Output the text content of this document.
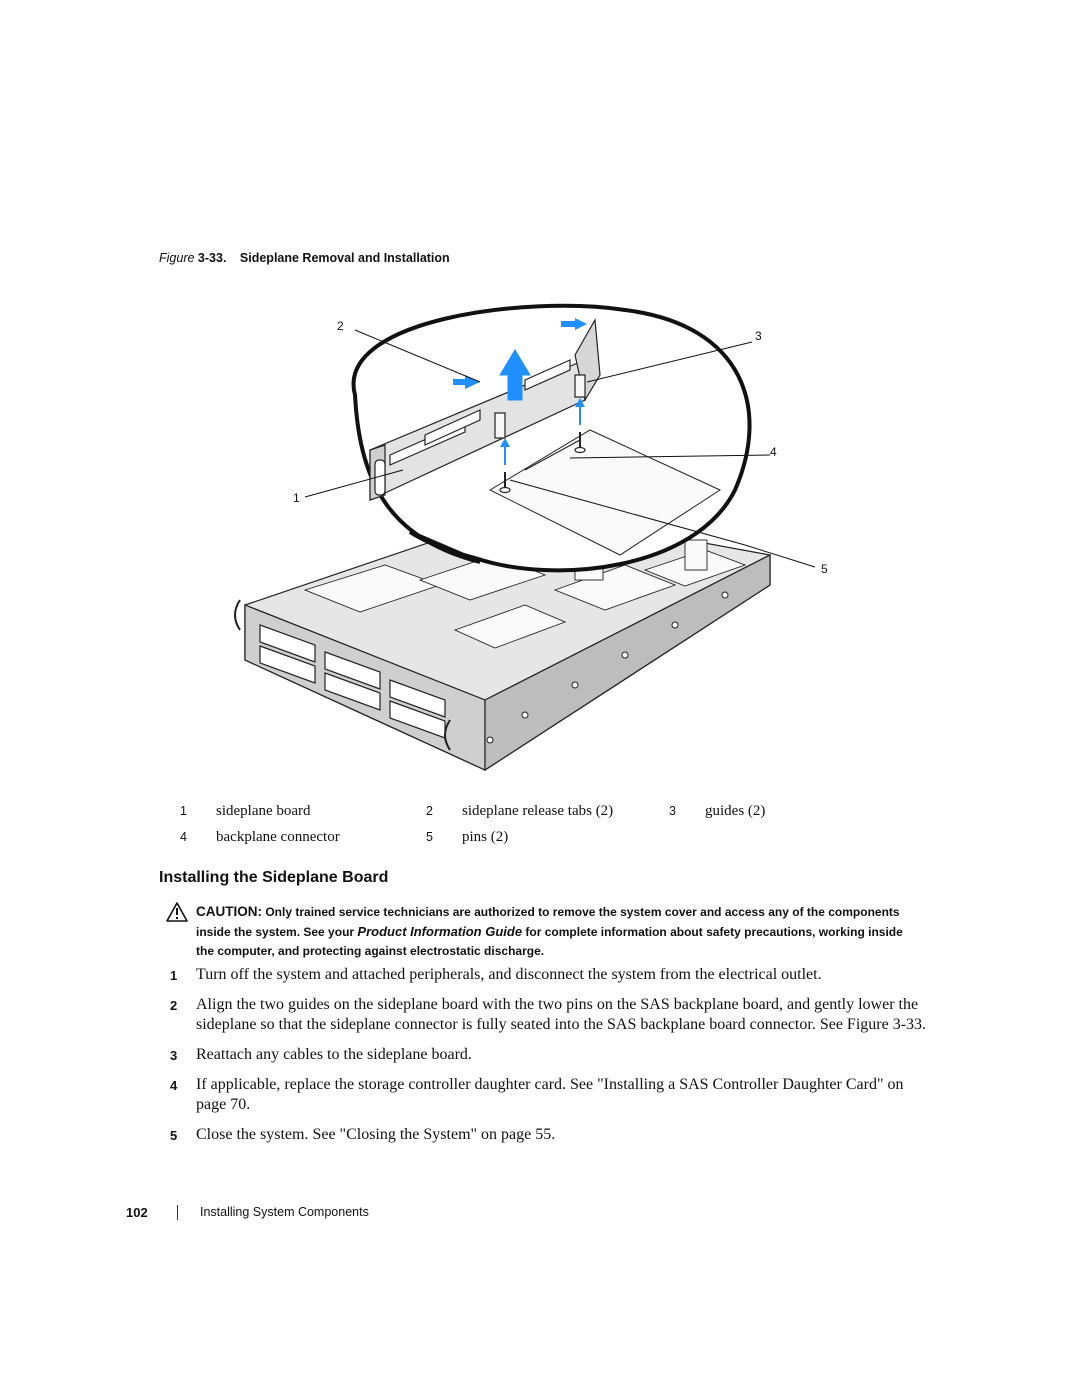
Figure 3-33. Sideplane Removal and Installation
2
3
4
1
5
1	sideplane board	2	sideplane release tabs (2)	3	guides (2)
4	backplane connector	5	pins (2)
Installing the Sideplane Board
CAUTION: Only trained service technicians are authorized to remove the system cover and access any of the components inside the system. See your Product Information Guide for complete information about safety precautions, working inside the computer, and protecting against electrostatic discharge.
1 Turn off the system and attached peripherals, and disconnect the system from the electrical outlet.
2 Align the two guides on the sideplane board with the two pins on the SAS backplane board, and gently lower the sideplane so that the sideplane connector is fully seated into the SAS backplane board connector. See Figure 3-33.
3 Reattach any cables to the sideplane board.
4 If applicable, replace the storage controller daughter card. See "Installing a SAS Controller Daughter Card" on page 70.
5 Close the system. See "Closing the System" on page 55.
102	Installing System Components
